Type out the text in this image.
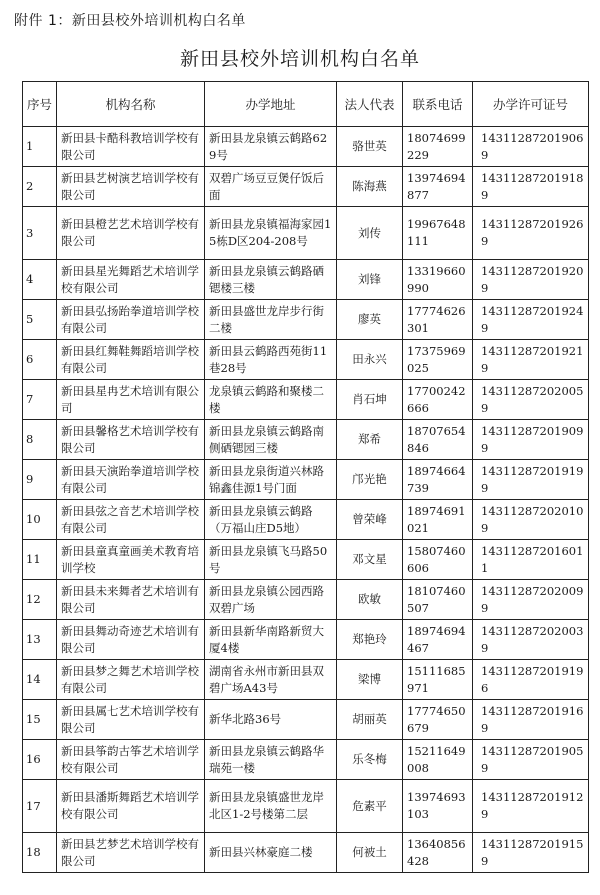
附件 1：新田县校外培训机构白名单
新田县校外培训机构白名单
序号	机构名称	办学地址	法人代表	联系电话	办学许可证号
1	新田县卡酷科教培训学校有限公司	新田县龙泉镇云鹤路629号	骆世英	18074699229	143112872019069
2	新田县艺树演艺培训学校有限公司	双碧广场豆豆煲仔饭后面	陈海燕	13974694877	143112872019189
3	新田县橙艺艺术培训学校有限公司	新田县龙泉镇福海家园15栋D区204-208号	刘传	19967648111	143112872019269
4	新田县星光舞蹈艺术培训学校有限公司	新田县龙泉镇云鹤路硒锶楼三楼	刘锋	13319660990	143112872019209
5	新田县弘扬跆拳道培训学校有限公司	新田县盛世龙岸步行街二楼	廖英	17774626301	143112872019249
6	新田县红舞鞋舞蹈培训学校有限公司	新田县云鹤路西苑街11巷28号	田永兴	17375969025	143112872019219
7	新田县星冉艺术培训有限公司	龙泉镇云鹤路和聚楼二楼	肖石坤	17700242666	143112872020059
8	新田县馨格艺术培训学校有限公司	新田县龙泉镇云鹤路南侧硒锶园三楼	郑希	18707654846	143112872019099
9	新田县天演跆拳道培训学校有限公司	新田县龙泉街道兴林路锦鑫佳源1号门面	邝光艳	18974664739	143112872019199
10	新田县弦之音艺术培训学校有限公司	新田县龙泉镇云鹤路（万福山庄D5地）	曾荣峰	18974691021	143112872020109
11	新田县童真童画美术教育培训学校	新田县龙泉镇飞马路50号	邓文星	15807460606	143112872016011
12	新田县未来舞者艺术培训有限公司	新田县龙泉镇公园西路双碧广场	欧敏	18107460507	143112872020099
13	新田县舞动奇迹艺术培训有限公司	新田县新华南路新贸大厦4楼	郑艳玲	18974694467	143112872020039
14	新田县梦之舞艺术培训学校有限公司	湖南省永州市新田县双碧广场A43号	梁博	15111685971	143112872019196
15	新田县属七艺术培训学校有限公司	新华北路36号	胡丽英	17774650679	143112872019169
16	新田县筝韵古筝艺术培训学校有限公司	新田县龙泉镇云鹤路华瑞苑一楼	乐冬梅	15211649008	143112872019059
17	新田县潘斯舞蹈艺术培训学校有限公司	新田县龙泉镇盛世龙岸北区1-2号楼第二层	危素平	13974693103	143112872019129
18	新田县艺梦艺术培训学校有限公司	新田县兴林豪庭二楼	何被土	13640856428	143112872019159
